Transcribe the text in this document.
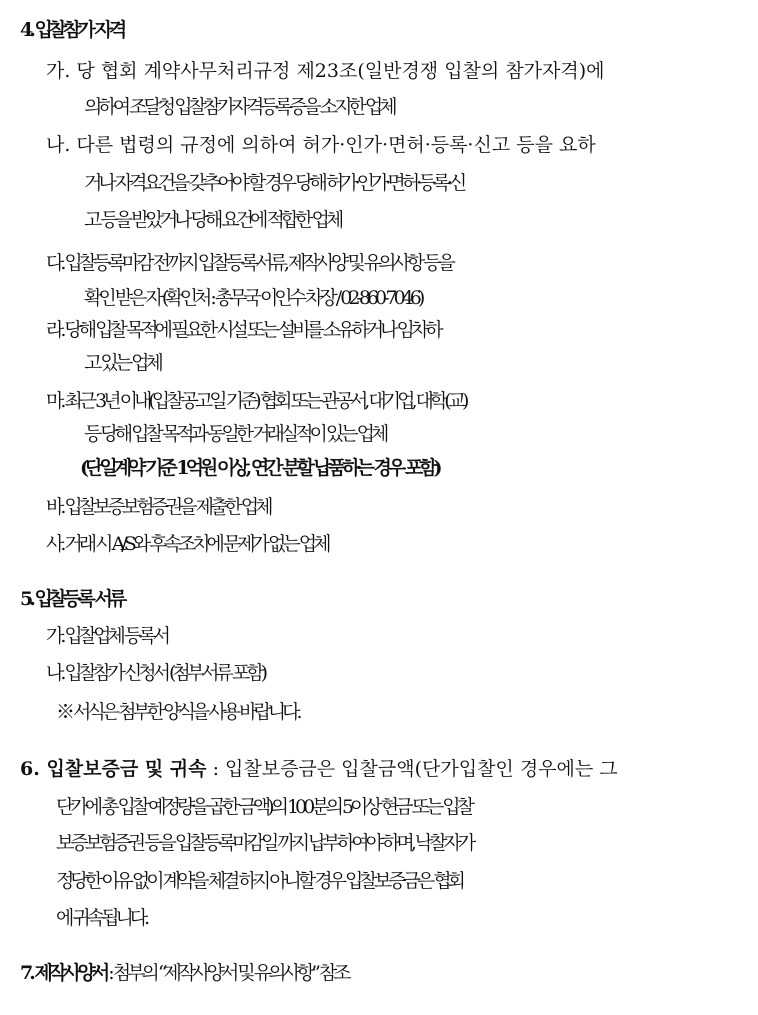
4. 입찰참가 자격
가. 당 협회 계약사무처리규정 제23조(일반경쟁 입찰의 참가자격)에
의하여 조달청 입찰참가자격등록증을 소지한 업체
나. 다른 법령의 규정에 의하여 허가·인가·면허·등록·신고 등을 요하
거나 자격요건을 갖추어야 할 경우 당해 허가·인가·면허·등록·신
고 등을 받았거나 당해 요건에 적합한 업체
다. 입찰등록마감 전까지 입찰등록서류, 제작사양 및 유의사항 등을
확인 받은 자 (확인처 : 총무국 이인수 차장 / 02-860-7046)
라. 당해 입찰 목적에 필요한 시설 또는 설비를 소유하거나 임차하
고 있는 업체
마. 최근 3년 이내(입찰공고일 기준) 협회 또는 관공서, 대기업, 대학(교)
등 당해 입찰 목적과 동일한 거래실적이 있는 업체
(단일계약 기준 1억원 이상, 연간 분할 납품하는 경우 포함)
바. 입찰보증보험증권을 제출한 업체
사. 거래 시 A/S와 후속조치에 문제가 없는 업체
5. 입찰등록 서류
가. 입찰업체 등록서
나. 입찰참가 신청서 (첨부서류 포함)
※ 서식은 첨부한 양식을 사용 바랍니다.
6. 입찰보증금 및 귀속 : 입찰보증금은 입찰금액(단가입찰인 경우에는 그
단가에 총 입찰 예정량을 곱한 금액)의 100분의 5이상 현금 또는 입찰
보증보험증권 등을 입찰등록마감일 까지 납부하여야 하며, 낙찰자가
정당한 이유 없이 계약을 체결 하지 아니할 경우 입찰보증금은 협회
에 귀속됩니다.
7. 제작사양서 : 첨부의 “제작사양서 및 유의사항” 참조
